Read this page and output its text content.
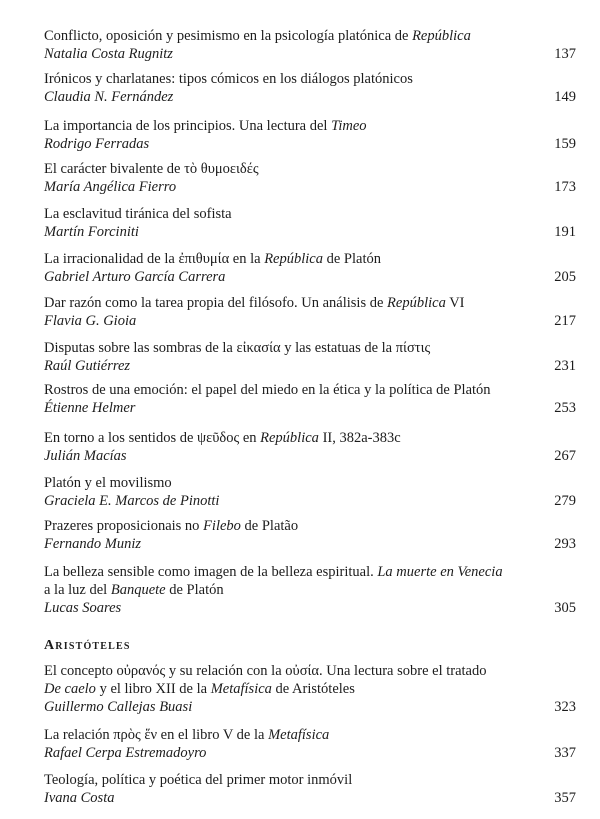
Conflicto, oposición y pesimismo en la psicología platónica de República
Natalia Costa Rugnitz	137
Irónicos y charlatanes: tipos cómicos en los diálogos platónicos
Claudia N. Fernández	149
La importancia de los principios. Una lectura del Timeo
Rodrigo Ferradas	159
El carácter bivalente de τὸ θυμοειδές
María Angélica Fierro	173
La esclavitud tiránica del sofista
Martín Forciniti	191
La irracionalidad de la ἐπιθυμία en la República de Platón
Gabriel Arturo García Carrera	205
Dar razón como la tarea propia del filósofo. Un análisis de República VI
Flavia G. Gioia	217
Disputas sobre las sombras de la εἰκασία y las estatuas de la πίστις
Raúl Gutiérrez	231
Rostros de una emoción: el papel del miedo en la ética y la política de Platón
Étienne Helmer	253
En torno a los sentidos de ψεῦδος en República II, 382a-383c
Julián Macías	267
Platón y el movilismo
Graciela E. Marcos de Pinotti	279
Prazeres proposicionais no Filebo de Platão
Fernando Muniz	293
La belleza sensible como imagen de la belleza espiritual. La muerte en Venecia
a la luz del Banquete de Platón
Lucas Soares	305
Aristóteles
El concepto οὐρανός y su relación con la οὐσία. Una lectura sobre el tratado
De caelo y el libro XII de la Metafísica de Aristóteles
Guillermo Callejas Buasi	323
La relación πρὸς ἕν en el libro V de la Metafísica
Rafael Cerpa Estremadoyro	337
Teología, política y poética del primer motor inmóvil
Ivana Costa	357
